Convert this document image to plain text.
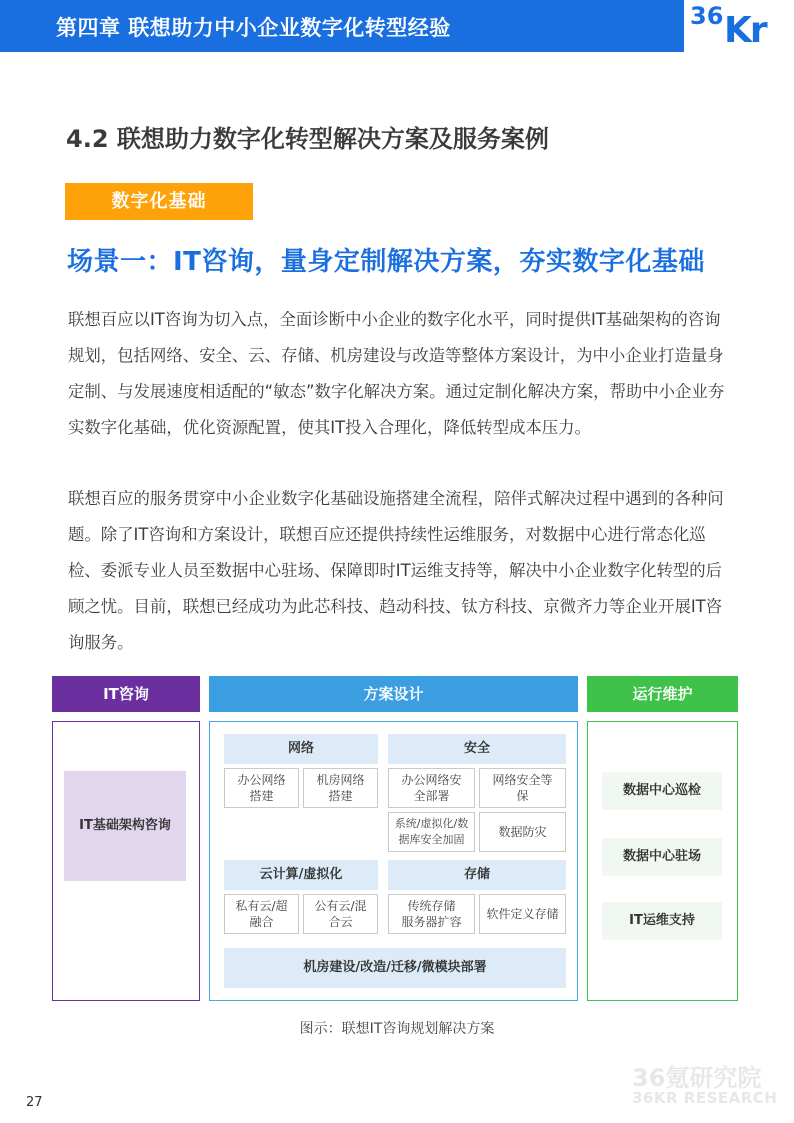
第四章 联想助力中小企业数字化转型经验	36 Kr
4.2 联想助力数字化转型解决方案及服务案例
数字化基础
场景一：IT咨询，量身定制解决方案，夯实数字化基础

联想百应以IT咨询为切入点，全面诊断中小企业的数字化水平，同时提供IT基础架构的咨询规划，包括网络、安全、云、存储、机房建设与改造等整体方案设计，为中小企业打造量身定制、与发展速度相适配的“敏态”数字化解决方案。通过定制化解决方案，帮助中小企业夯实数字化基础，优化资源配置，使其IT投入合理化，降低转型成本压力。

联想百应的服务贯穿中小企业数字化基础设施搭建全流程，陪伴式解决过程中遇到的各种问题。除了IT咨询和方案设计，联想百应还提供持续性运维服务，对数据中心进行常态化巡检、委派专业人员至数据中心驻场、保障即时IT运维支持等，解决中小企业数字化转型的后顾之忧。目前，联想已经成功为此芯科技、趋动科技、钛方科技、京微齐力等企业开展IT咨询服务。

IT咨询
IT基础架构咨询
方案设计
网络
办公网络
搭建
机房网络
搭建
安全
办公网络安
全部署
网络安全等
保
系统/虚拟化/数
据库安全加固
数据防灾
云计算/虚拟化
私有云/超
融合
公有云/混
合云
存储
传统存储
服务器扩容
软件定义存储
机房建设/改造/迁移/微模块部署
运行维护
数据中心巡检
数据中心驻场
IT运维支持
图示：联想IT咨询规划解决方案
27
36氪研究院
36KR RESEARCH
